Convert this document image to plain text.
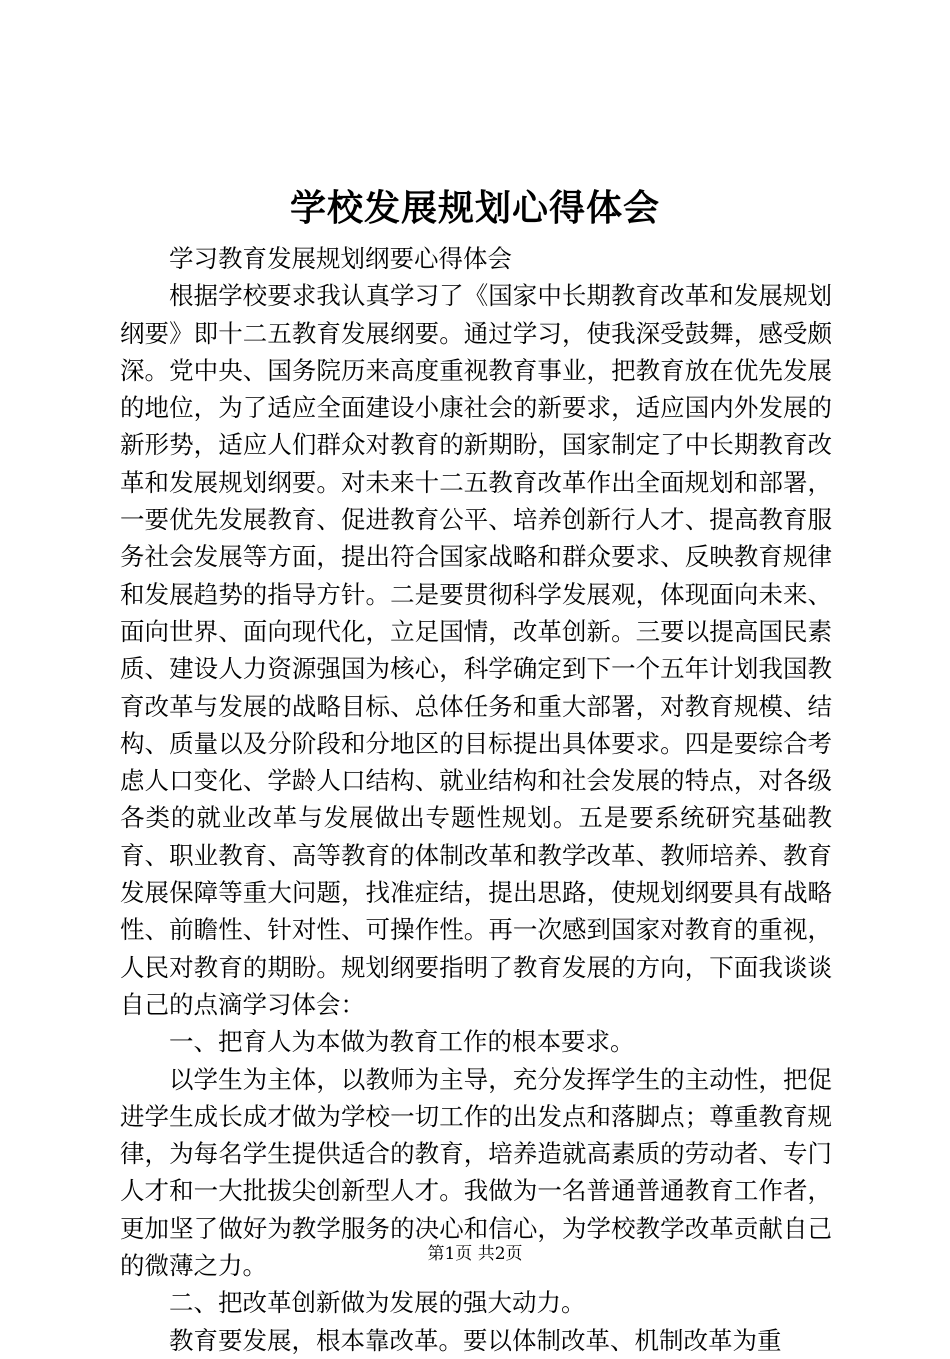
学校发展规划心得体会

学习教育发展规划纲要心得体会

根据学校要求我认真学习了《国家中长期教育改革和发展规划纲要》即十二五教育发展纲要。通过学习，使我深受鼓舞，感受颇深。党中央、国务院历来高度重视教育事业，把教育放在优先发展的地位，为了适应全面建设小康社会的新要求，适应国内外发展的新形势，适应人们群众对教育的新期盼，国家制定了中长期教育改革和发展规划纲要。对未来十二五教育改革作出全面规划和部署，一要优先发展教育、促进教育公平、培养创新行人才、提高教育服务社会发展等方面，提出符合国家战略和群众要求、反映教育规律和发展趋势的指导方针。二是要贯彻科学发展观，体现面向未来、面向世界、面向现代化，立足国情，改革创新。三要以提高国民素质、建设人力资源强国为核心，科学确定到下一个五年计划我国教育改革与发展的战略目标、总体任务和重大部署，对教育规模、结构、质量以及分阶段和分地区的目标提出具体要求。四是要综合考虑人口变化、学龄人口结构、就业结构和社会发展的特点，对各级各类的就业改革与发展做出专题性规划。五是要系统研究基础教育、职业教育、高等教育的体制改革和教学改革、教师培养、教育发展保障等重大问题，找准症结，提出思路，使规划纲要具有战略性、前瞻性、针对性、可操作性。再一次感到国家对教育的重视，人民对教育的期盼。规划纲要指明了教育发展的方向，下面我谈谈自己的点滴学习体会：

一、把育人为本做为教育工作的根本要求。

以学生为主体，以教师为主导，充分发挥学生的主动性，把促进学生成长成才做为学校一切工作的出发点和落脚点；尊重教育规律，为每名学生提供适合的教育，培养造就高素质的劳动者、专门人才和一大批拔尖创新型人才。我做为一名普通普通教育工作者，更加坚了做好为教学服务的决心和信心，为学校教学改革贡献自己的微薄之力。

二、把改革创新做为发展的强大动力。

教育要发展，根本靠改革。要以体制改革、机制改革为重

第1页 共2页
